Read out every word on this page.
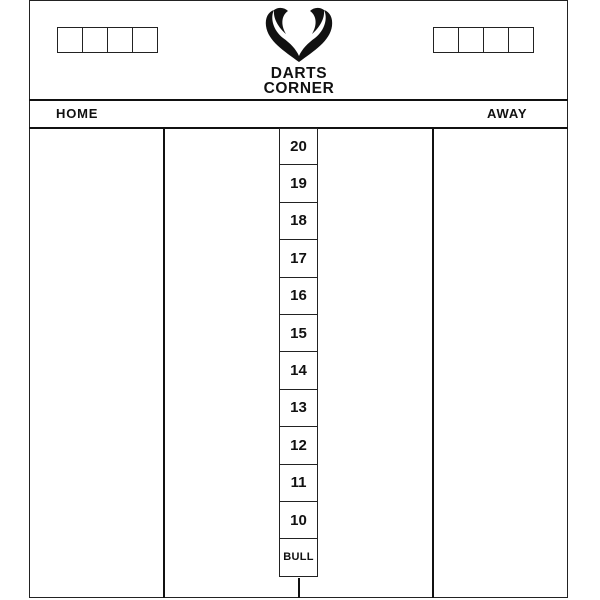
DARTS
CORNER
HOME	AWAY
20
19
18
17
16
15
14
13
12
11
10
BULL
